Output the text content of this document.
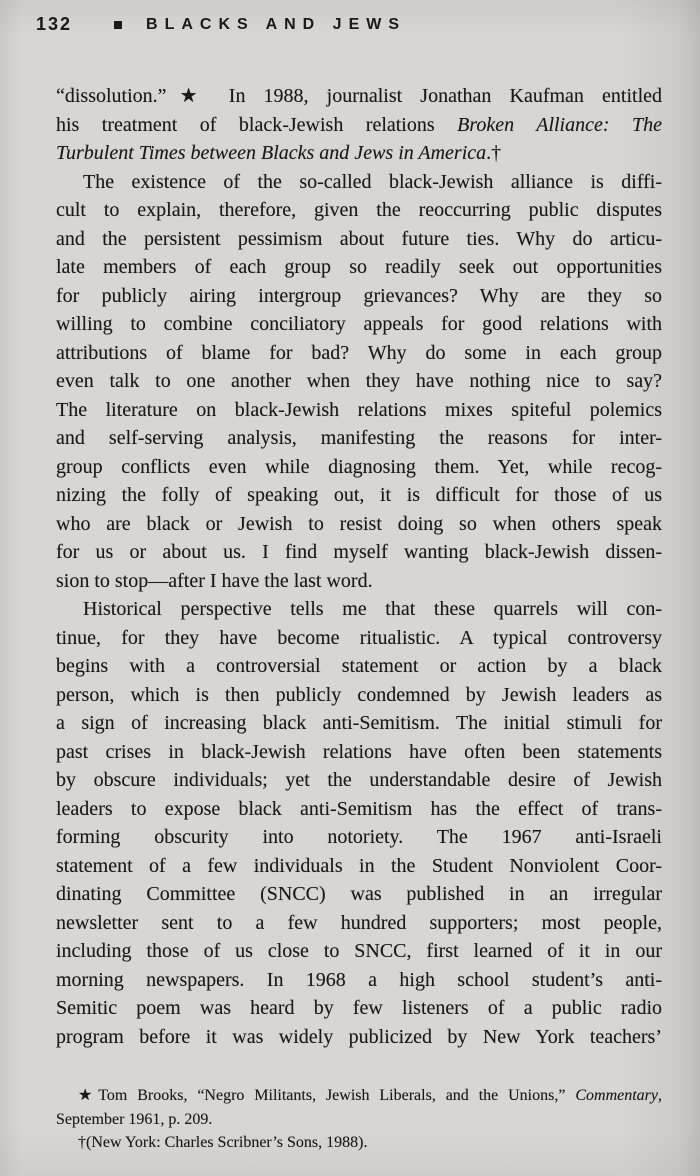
132	BLACKS AND JEWS
“dissolution.”★ In 1988, journalist Jonathan Kaufman entitled
his treatment of black-Jewish relations Broken Alliance: The
Turbulent Times between Blacks and Jews in America.†
The existence of the so-called black-Jewish alliance is diffi-
cult to explain, therefore, given the reoccurring public disputes
and the persistent pessimism about future ties. Why do articu-
late members of each group so readily seek out opportunities
for publicly airing intergroup grievances? Why are they so
willing to combine conciliatory appeals for good relations with
attributions of blame for bad? Why do some in each group
even talk to one another when they have nothing nice to say?
The literature on black-Jewish relations mixes spiteful polemics
and self-serving analysis, manifesting the reasons for inter-
group conflicts even while diagnosing them. Yet, while recog-
nizing the folly of speaking out, it is difficult for those of us
who are black or Jewish to resist doing so when others speak
for us or about us. I find myself wanting black-Jewish dissen-
sion to stop—after I have the last word.
Historical perspective tells me that these quarrels will con-
tinue, for they have become ritualistic. A typical controversy
begins with a controversial statement or action by a black
person, which is then publicly condemned by Jewish leaders as
a sign of increasing black anti-Semitism. The initial stimuli for
past crises in black-Jewish relations have often been statements
by obscure individuals; yet the understandable desire of Jewish
leaders to expose black anti-Semitism has the effect of trans-
forming obscurity into notoriety. The 1967 anti-Israeli
statement of a few individuals in the Student Nonviolent Coor-
dinating Committee (SNCC) was published in an irregular
newsletter sent to a few hundred supporters; most people,
including those of us close to SNCC, first learned of it in our
morning newspapers. In 1968 a high school student’s anti-
Semitic poem was heard by few listeners of a public radio
program before it was widely publicized by New York teachers’
★Tom Brooks, “Negro Militants, Jewish Liberals, and the Unions,” Commentary,
September 1961, p. 209.
†(New York: Charles Scribner’s Sons, 1988).
